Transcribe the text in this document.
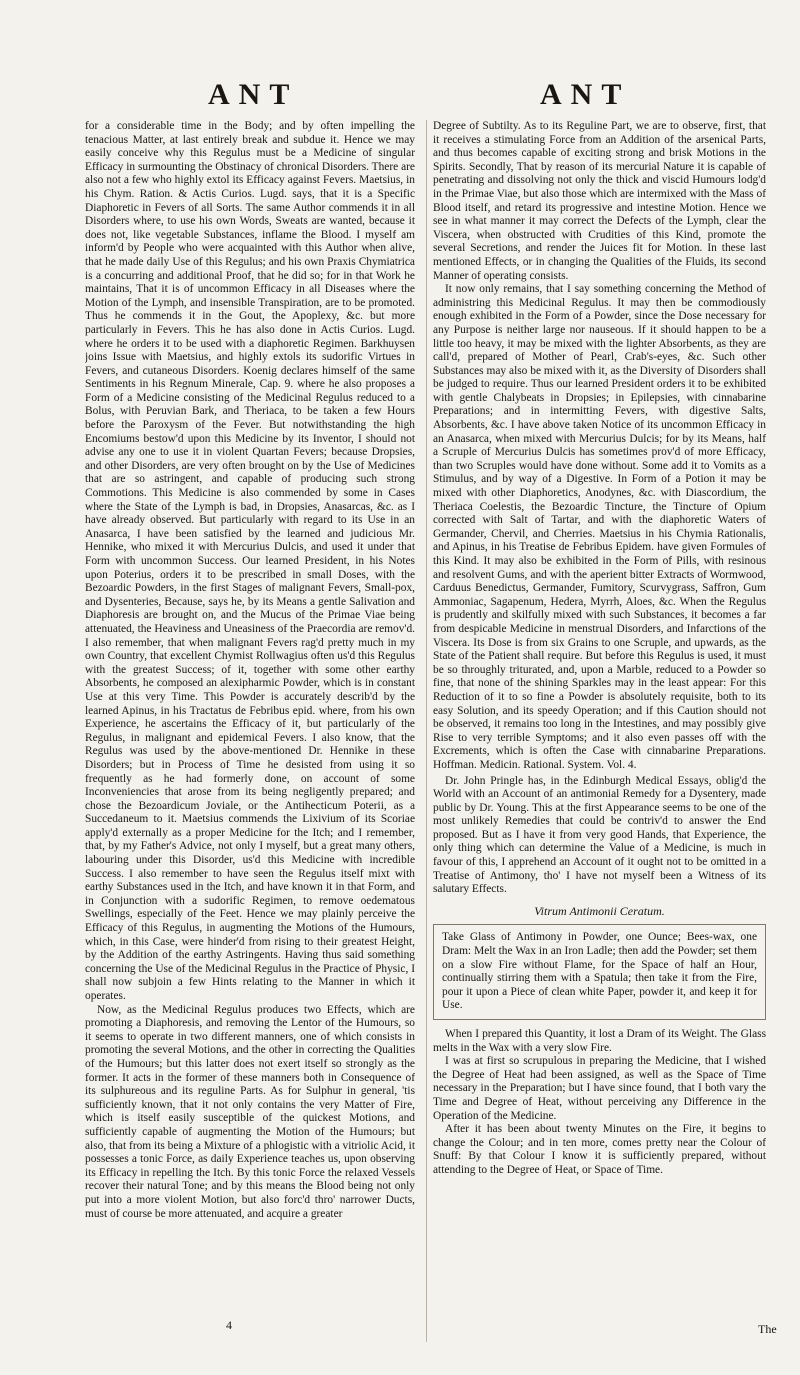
ANT	ANT

for a considerable time in the Body; and by often impelling the tenacious Matter, at last entirely break and subdue it. Hence we may easily conceive why this Regulus must be a Medicine of singular Efficacy in surmounting the Obstinacy of chronical Disorders. There are also not a few who highly extol its Efficacy against Fevers. Maetsius, in his Chym. Ration. & Actis Curios. Lugd. says, that it is a Specific Diaphoretic in Fevers of all Sorts. The same Author commends it in all Disorders where, to use his own Words, Sweats are wanted, because it does not, like vegetable Substances, inflame the Blood. I myself am inform'd by People who were acquainted with this Author when alive, that he made daily Use of this Regulus; and his own Praxis Chymiatrica is a concurring and additional Proof, that he did so; for in that Work he maintains, That it is of uncommon Efficacy in all Diseases where the Motion of the Lymph, and insensible Transpiration, are to be promoted. Thus he commends it in the Gout, the Apoplexy, &c. but more particularly in Fevers. This he has also done in Actis Curios. Lugd. where he orders it to be used with a diaphoretic Regimen. Barkhuysen joins Issue with Maetsius, and highly extols its sudorific Virtues in Fevers, and cutaneous Disorders. Koenig declares himself of the same Sentiments in his Regnum Minerale, Cap. 9. where he also proposes a Form of a Medicine consisting of the Medicinal Regulus reduced to a Bolus, with Peruvian Bark, and Theriaca, to be taken a few Hours before the Paroxysm of the Fever. But notwithstanding the high Encomiums bestow'd upon this Medicine by its Inventor, I should not advise any one to use it in violent Quartan Fevers; because Dropsies, and other Disorders, are very often brought on by the Use of Medicines that are so astringent, and capable of producing such strong Commotions. This Medicine is also commended by some in Cases where the State of the Lymph is bad, in Dropsies, Anasarcas, &c. as I have already observed. But particularly with regard to its Use in an Anasarca, I have been satisfied by the learned and judicious Mr. Hennike, who mixed it with Mercurius Dulcis, and used it under that Form with uncommon Success. Our learned President, in his Notes upon Poterius, orders it to be prescribed in small Doses, with the Bezoardic Powders, in the first Stages of malignant Fevers, Small-pox, and Dysenteries, Because, says he, by its Means a gentle Salivation and Diaphoresis are brought on, and the Mucus of the Primae Viae being attenuated, the Heaviness and Uneasiness of the Praecordia are remov'd. I also remember, that when malignant Fevers rag'd pretty much in my own Country, that excellent Chymist Rollwagius often us'd this Regulus with the greatest Success; of it, together with some other earthy Absorbents, he composed an alexipharmic Powder, which is in constant Use at this very Time. This Powder is accurately describ'd by the learned Apinus, in his Tractatus de Febribus epid. where, from his own Experience, he ascertains the Efficacy of it, but particularly of the Regulus, in malignant and epidemical Fevers. I also know, that the Regulus was used by the above-mentioned Dr. Hennike in these Disorders; but in Process of Time he desisted from using it so frequently as he had formerly done, on account of some Inconveniencies that arose from its being negligently prepared; and chose the Bezoardicum Joviale, or the Antihecticum Poterii, as a Succedaneum to it. Maetsius commends the Lixivium of its Scoriae apply'd externally as a proper Medicine for the Itch; and I remember, that, by my Father's Advice, not only I myself, but a great many others, labouring under this Disorder, us'd this Medicine with incredible Success. I also remember to have seen the Regulus itself mixt with earthy Substances used in the Itch, and have known it in that Form, and in Conjunction with a sudorific Regimen, to remove oedematous Swellings, especially of the Feet. Hence we may plainly perceive the Efficacy of this Regulus, in augmenting the Motions of the Humours, which, in this Case, were hinder'd from rising to their greatest Height, by the Addition of the earthy Astringents. Having thus said something concerning the Use of the Medicinal Regulus in the Practice of Physic, I shall now subjoin a few Hints relating to the Manner in which it operates.

Now, as the Medicinal Regulus produces two Effects, which are promoting a Diaphoresis, and removing the Lentor of the Humours, so it seems to operate in two different manners, one of which consists in promoting the several Motions, and the other in correcting the Qualities of the Humours; but this latter does not exert itself so strongly as the former. It acts in the former of these manners both in Consequence of its sulphureous and its reguline Parts. As for Sulphur in general, 'tis sufficiently known, that it not only contains the very Matter of Fire, which is itself easily susceptible of the quickest Motions, and sufficiently capable of augmenting the Motion of the Humours; but also, that from its being a Mixture of a phlogistic with a vitriolic Acid, it possesses a tonic Force, as daily Experience teaches us, upon observing its Efficacy in repelling the Itch. By this tonic Force the relaxed Vessels recover their natural Tone; and by this means the Blood being not only put into a more violent Motion, but also forc'd thro' narrower Ducts, must of course be more attenuated, and acquire a greater

Degree of Subtilty. As to its Reguline Part, we are to observe, first, that it receives a stimulating Force from an Addition of the arsenical Parts, and thus becomes capable of exciting strong and brisk Motions in the Spirits. Secondly, That by reason of its mercurial Nature it is capable of penetrating and dissolving not only the thick and viscid Humours lodg'd in the Primae Viae, but also those which are intermixed with the Mass of Blood itself, and retard its progressive and intestine Motion. Hence we see in what manner it may correct the Defects of the Lymph, clear the Viscera, when obstructed with Crudities of this Kind, promote the several Secretions, and render the Juices fit for Motion. In these last mentioned Effects, or in changing the Qualities of the Fluids, its second Manner of operating consists.

It now only remains, that I say something concerning the Method of administring this Medicinal Regulus. It may then be commodiously enough exhibited in the Form of a Powder, since the Dose necessary for any Purpose is neither large nor nauseous. If it should happen to be a little too heavy, it may be mixed with the lighter Absorbents, as they are call'd, prepared of Mother of Pearl, Crab's-eyes, &c. Such other Substances may also be mixed with it, as the Diversity of Disorders shall be judged to require. Thus our learned President orders it to be exhibited with gentle Chalybeats in Dropsies; in Epilepsies, with cinnabarine Preparations; and in intermitting Fevers, with digestive Salts, Absorbents, &c. I have above taken Notice of its uncommon Efficacy in an Anasarca, when mixed with Mercurius Dulcis; for by its Means, half a Scruple of Mercurius Dulcis has sometimes prov'd of more Efficacy, than two Scruples would have done without. Some add it to Vomits as a Stimulus, and by way of a Digestive. In Form of a Potion it may be mixed with other Diaphoretics, Anodynes, &c. with Diascordium, the Theriaca Coelestis, the Bezoardic Tincture, the Tincture of Opium corrected with Salt of Tartar, and with the diaphoretic Waters of Germander, Chervil, and Cherries. Maetsius in his Chymia Rationalis, and Apinus, in his Treatise de Febribus Epidem. have given Formules of this Kind. It may also be exhibited in the Form of Pills, with resinous and resolvent Gums, and with the aperient bitter Extracts of Wormwood, Carduus Benedictus, Germander, Fumitory, Scurvygrass, Saffron, Gum Ammoniac, Sagapenum, Hedera, Myrrh, Aloes, &c. When the Regulus is prudently and skilfully mixed with such Substances, it becomes a far from despicable Medicine in menstrual Disorders, and Infarctions of the Viscera. Its Dose is from six Grains to one Scruple, and upwards, as the State of the Patient shall require. But before this Regulus is used, it must be so throughly triturated, and, upon a Marble, reduced to a Powder so fine, that none of the shining Sparkles may in the least appear: For this Reduction of it to so fine a Powder is absolutely requisite, both to its easy Solution, and its speedy Operation; and if this Caution should not be observed, it remains too long in the Intestines, and may possibly give Rise to very terrible Symptoms; and it also even passes off with the Excrements, which is often the Case with cinnabarine Preparations. Hoffman. Medicin. Rational. System. Vol. 4.

Dr. John Pringle has, in the Edinburgh Medical Essays, oblig'd the World with an Account of an antimonial Remedy for a Dysentery, made public by Dr. Young. This at the first Appearance seems to be one of the most unlikely Remedies that could be contriv'd to answer the End proposed. But as I have it from very good Hands, that Experience, the only thing which can determine the Value of a Medicine, is much in favour of this, I apprehend an Account of it ought not to be omitted in a Treatise of Antimony, tho' I have not myself been a Witness of its salutary Effects.

Vitrum Antimonii Ceratum.
Take Glass of Antimony in Powder, one Ounce; Bees-wax, one Dram: Melt the Wax in an Iron Ladle; then add the Powder; set them on a slow Fire without Flame, for the Space of half an Hour, continually stirring them with a Spatula; then take it from the Fire, pour it upon a Piece of clean white Paper, powder it, and keep it for Use.

When I prepared this Quantity, it lost a Dram of its Weight. The Glass melts in the Wax with a very slow Fire.

I was at first so scrupulous in preparing the Medicine, that I wished the Degree of Heat had been assigned, as well as the Space of Time necessary in the Preparation; but I have since found, that I both vary the Time and Degree of Heat, without perceiving any Difference in the Operation of the Medicine.

After it has been about twenty Minutes on the Fire, it begins to change the Colour; and in ten more, comes pretty near the Colour of Snuff: By that Colour I know it is sufficiently prepared, without attending to the Degree of Heat, or Space of Time.

4	The
